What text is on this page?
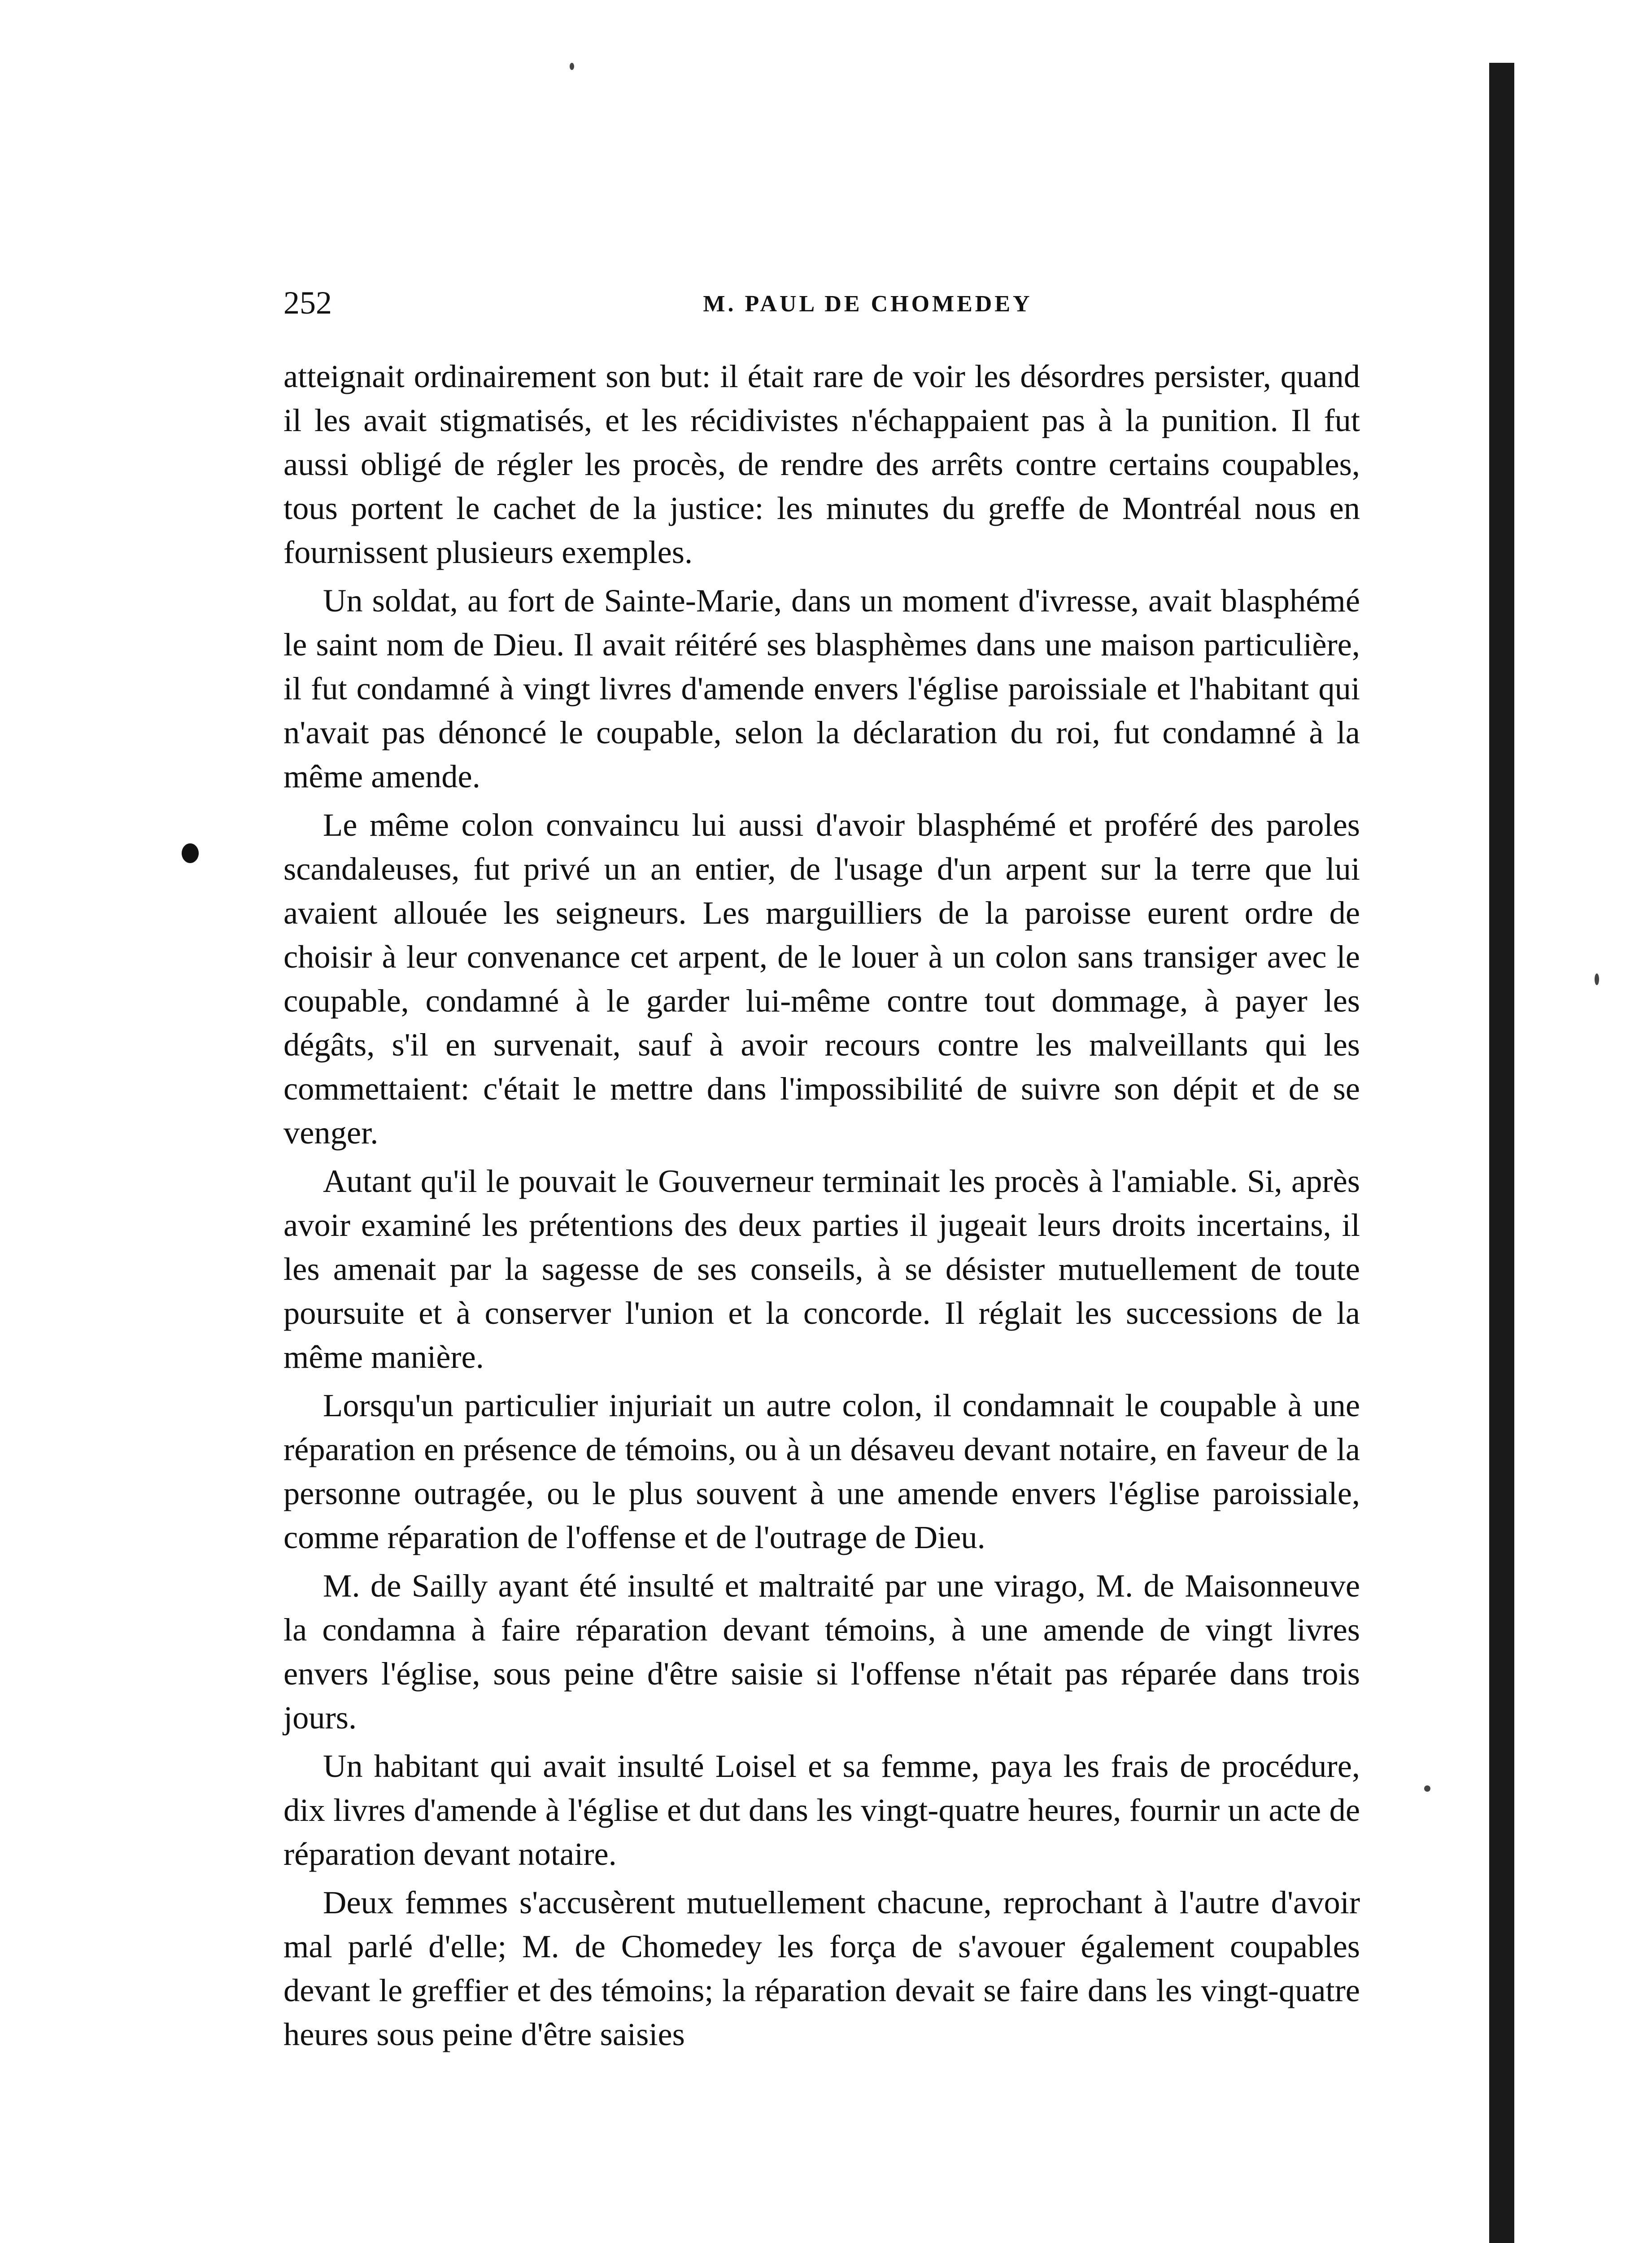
252	M. PAUL DE CHOMEDEY

atteignait ordinairement son but: il était rare de voir les désordres persister, quand il les avait stigmatisés, et les récidivistes n'échappaient pas à la punition. Il fut aussi obligé de régler les procès, de rendre des arrêts contre certains coupables, tous portent le cachet de la justice: les minutes du greffe de Montréal nous en fournissent plusieurs exemples.

Un soldat, au fort de Sainte-Marie, dans un moment d'ivresse, avait blasphémé le saint nom de Dieu. Il avait réitéré ses blasphèmes dans une maison particulière, il fut condamné à vingt livres d'amende envers l'église paroissiale et l'habitant qui n'avait pas dénoncé le coupable, selon la déclaration du roi, fut condamné à la même amende.

Le même colon convaincu lui aussi d'avoir blasphémé et proféré des paroles scandaleuses, fut privé un an entier, de l'usage d'un arpent sur la terre que lui avaient allouée les seigneurs. Les marguilliers de la paroisse eurent ordre de choisir à leur convenance cet arpent, de le louer à un colon sans transiger avec le coupable, condamné à le garder lui-même contre tout dommage, à payer les dégâts, s'il en survenait, sauf à avoir recours contre les malveillants qui les commettaient: c'était le mettre dans l'impossibilité de suivre son dépit et de se venger.

Autant qu'il le pouvait le Gouverneur terminait les procès à l'amiable. Si, après avoir examiné les prétentions des deux parties il jugeait leurs droits incertains, il les amenait par la sagesse de ses conseils, à se désister mutuellement de toute poursuite et à conserver l'union et la concorde. Il réglait les successions de la même manière.

Lorsqu'un particulier injuriait un autre colon, il condamnait le coupable à une réparation en présence de témoins, ou à un désaveu devant notaire, en faveur de la personne outragée, ou le plus souvent à une amende envers l'église paroissiale, comme réparation de l'offense et de l'outrage de Dieu.

M. de Sailly ayant été insulté et maltraité par une virago, M. de Maisonneuve la condamna à faire réparation devant témoins, à une amende de vingt livres envers l'église, sous peine d'être saisie si l'offense n'était pas réparée dans trois jours.

Un habitant qui avait insulté Loisel et sa femme, paya les frais de procédure, dix livres d'amende à l'église et dut dans les vingt-quatre heures, fournir un acte de réparation devant notaire.

Deux femmes s'accusèrent mutuellement chacune, reprochant à l'autre d'avoir mal parlé d'elle; M. de Chomedey les força de s'avouer également coupables devant le greffier et des témoins; la réparation devait se faire dans les vingt-quatre heures sous peine d'être saisies
